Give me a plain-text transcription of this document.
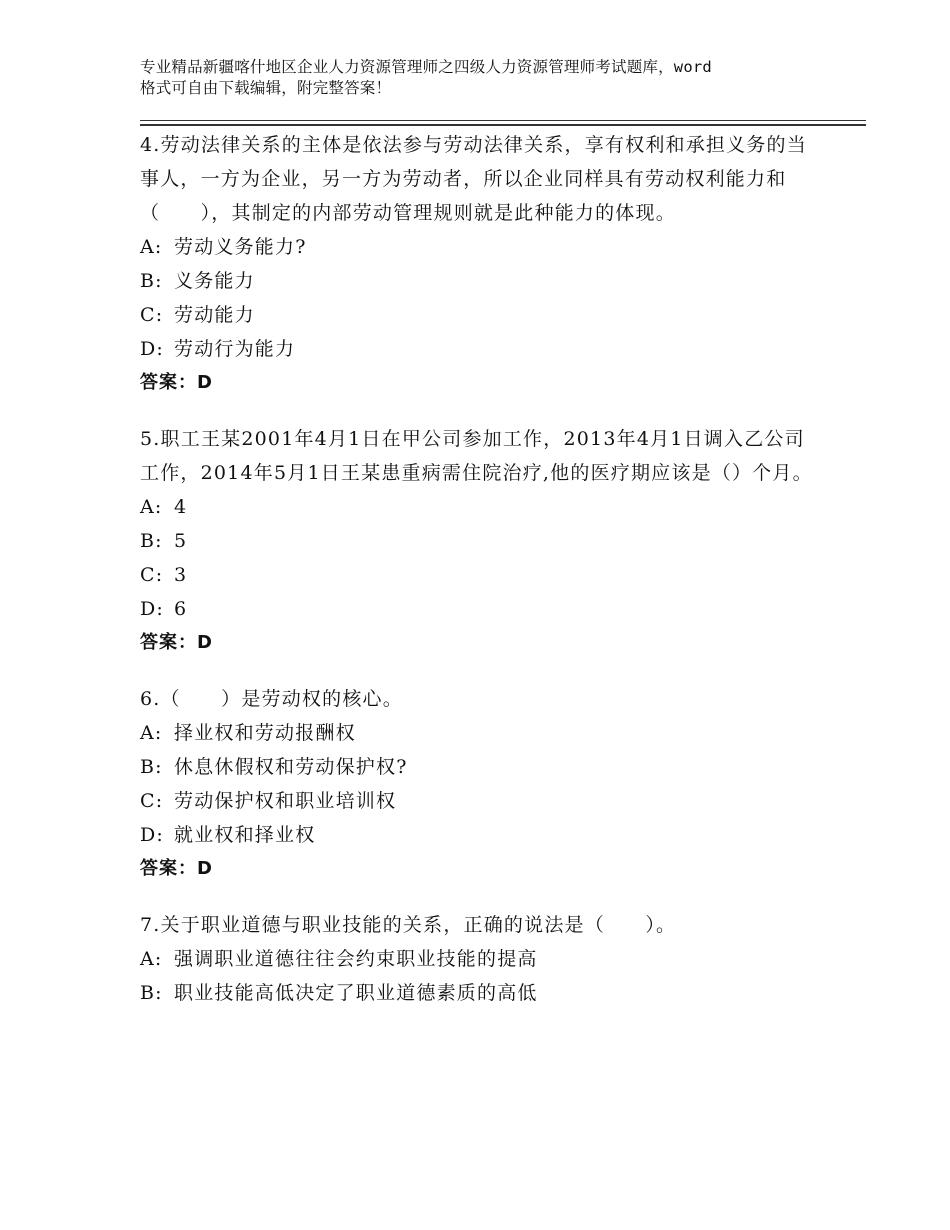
专业精品新疆喀什地区企业人力资源管理师之四级人力资源管理师考试题库，word
格式可自由下载编辑，附完整答案！

4.劳动法律关系的主体是依法参与劳动法律关系，享有权利和承担义务的当事人，一方为企业，另一方为劳动者，所以企业同样具有劳动权利能力和（　　），其制定的内部劳动管理规则就是此种能力的体现。

A: 劳动义务能力?
B: 义务能力
C: 劳动能力
D: 劳动行为能力
答案：D

5.职工王某2001年4月1日在甲公司参加工作，2013年4月1日调入乙公司工作，2014年5月1日王某患重病需住院治疗,他的医疗期应该是（）个月。

A: 4
B: 5
C: 3
D: 6
答案：D

6.（　　）是劳动权的核心。

A: 择业权和劳动报酬权
B: 休息休假权和劳动保护权?
C: 劳动保护权和职业培训权
D: 就业权和择业权
答案：D

7.关于职业道德与职业技能的关系，正确的说法是（　　）。

A: 强调职业道德往往会约束职业技能的提高
B: 职业技能高低决定了职业道德素质的高低
